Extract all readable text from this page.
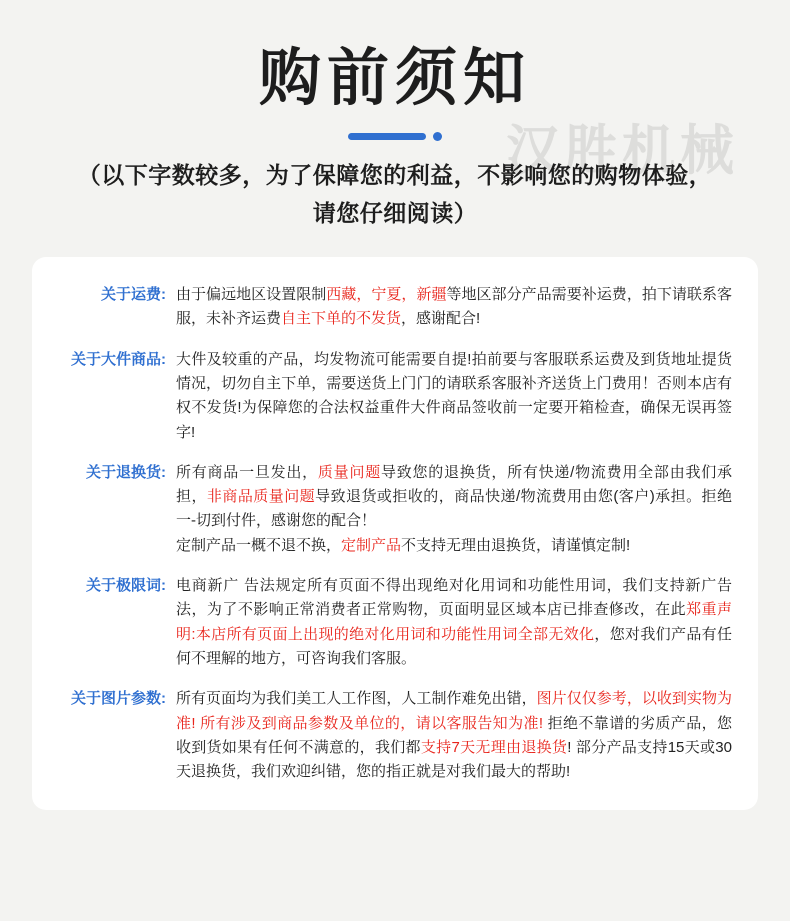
汉胜机械
购前须知
（以下字数较多，为了保障您的利益，不影响您的购物体验，
请您仔细阅读）
关于运费: 由于偏远地区设置限制西藏，宁夏，新疆等地区部分产品需要补运费，拍下请联系客服，未补齐运费自主下单的不发货，感谢配合!
关于大件商品: 大件及较重的产品，均发物流可能需要自提!拍前要与客服联系运费及到货地址提货情况，切勿自主下单，需要送货上门门的请联系客服补齐送货上门费用！否则本店有权不发货!为保障您的合法权益重件大件商品签收前一定要开箱检查，确保无误再签字!
关于退换货: 所有商品一旦发出，质量问题导致您的退换货，所有快递/物流费用全部由我们承担，非商品质量问题导致退货或拒收的，商品快递/物流费用由您(客户)承担。拒绝一-切到付件，感谢您的配合！
定制产品一概不退不换，定制产品不支持无理由退换货，请谨慎定制!
关于极限词: 电商新广 告法规定所有页面不得出现绝对化用词和功能性用词，我们支持新广告法，为了不影响正常消费者正常购物，页面明显区域本店已排查修改，在此郑重声明:本店所有页面上出现的绝对化用词和功能性用词全部无效化，您对我们产品有任何不理解的地方，可咨询我们客服。
关于图片参数: 所有页面均为我们美工人工作图，人工制作难免出错，图片仅仅参考，以收到实物为准! 所有涉及到商品参数及单位的，请以客服告知为准! 拒绝不靠谱的劣质产品，您收到货如果有任何不满意的，我们都支持7天无理由退换货! 部分产品支持15天或30天退换货，我们欢迎纠错，您的指正就是对我们最大的帮助!
